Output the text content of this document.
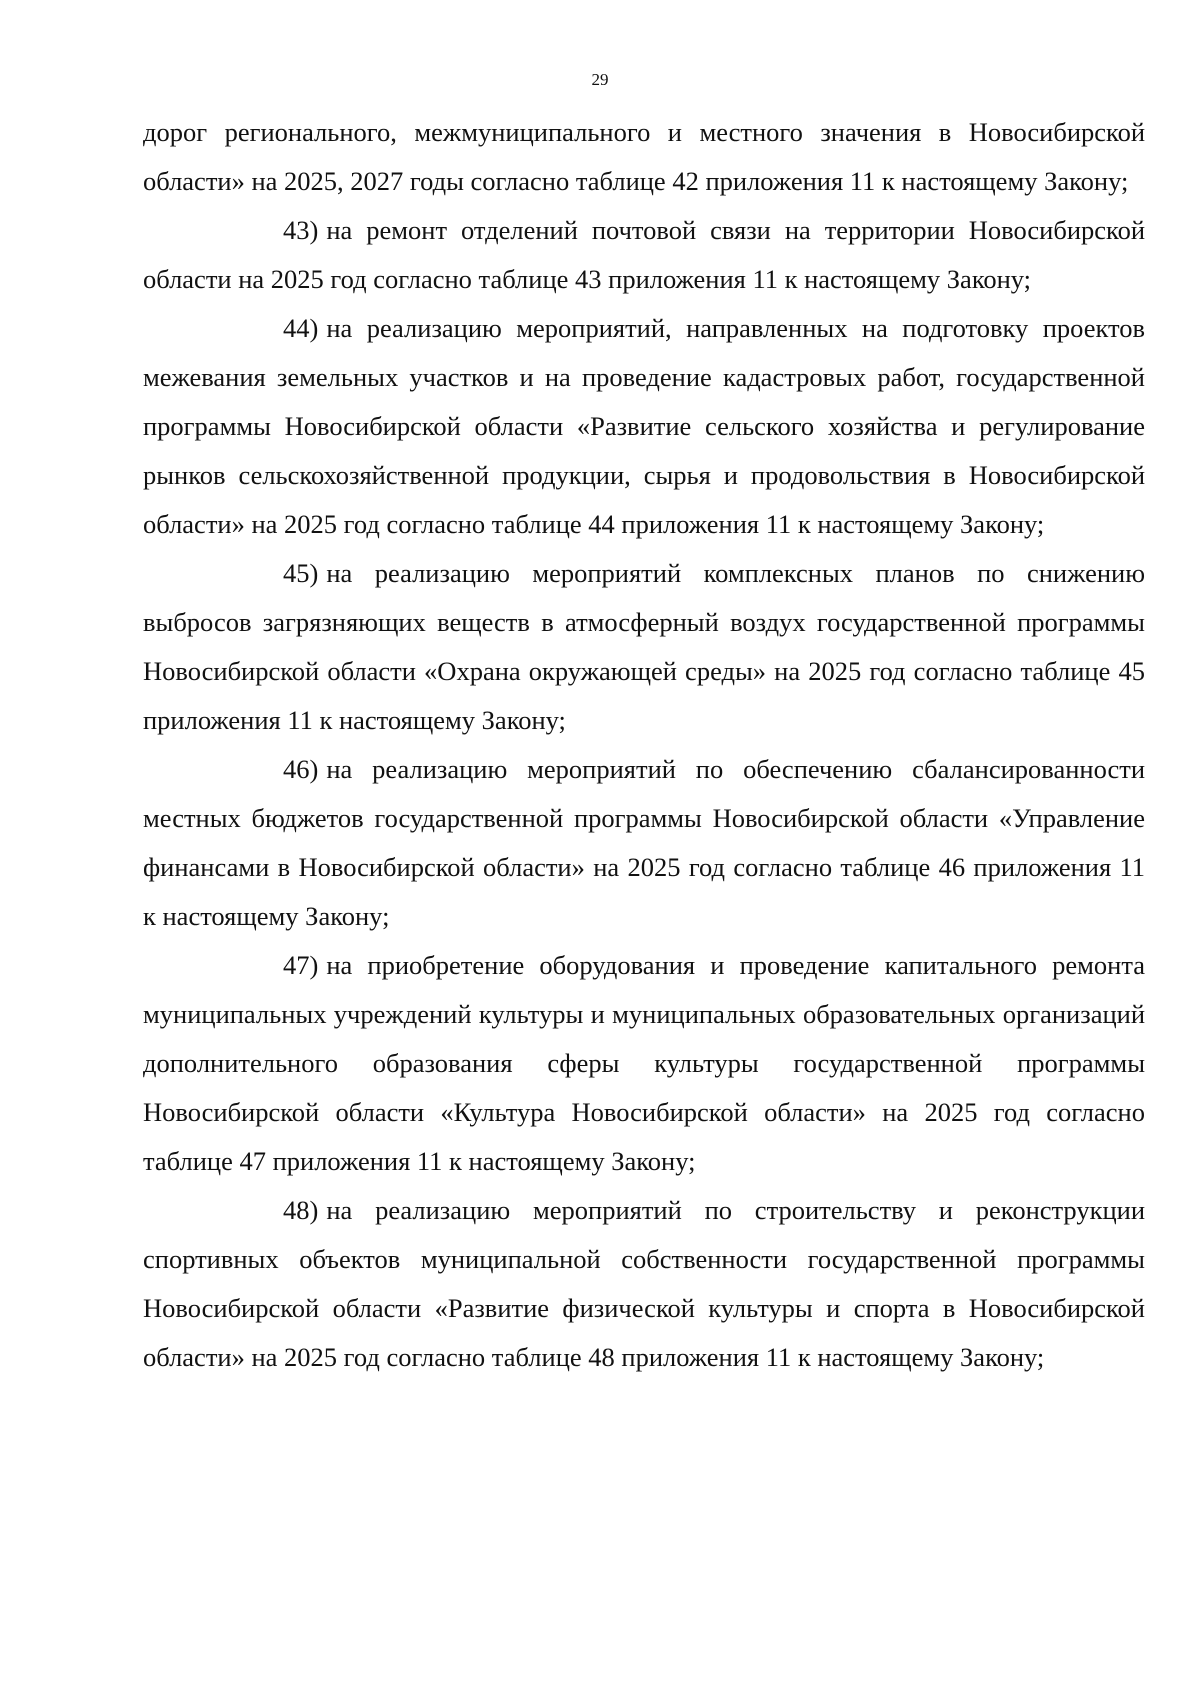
29

дорог регионального, межмуниципального и местного значения в Новосибирской области» на 2025, 2027 годы согласно таблице 42 приложения 11 к настоящему Закону;

43) на ремонт отделений почтовой связи на территории Новосибирской области на 2025 год согласно таблице 43 приложения 11 к настоящему Закону;

44) на реализацию мероприятий, направленных на подготовку проектов межевания земельных участков и на проведение кадастровых работ, государственной программы Новосибирской области «Развитие сельского хозяйства и регулирование рынков сельскохозяйственной продукции, сырья и продовольствия в Новосибирской области» на 2025 год согласно таблице 44 приложения 11 к настоящему Закону;

45) на реализацию мероприятий комплексных планов по снижению выбросов загрязняющих веществ в атмосферный воздух государственной программы Новосибирской области «Охрана окружающей среды» на 2025 год согласно таблице 45 приложения 11 к настоящему Закону;

46) на реализацию мероприятий по обеспечению сбалансированности местных бюджетов государственной программы Новосибирской области «Управление финансами в Новосибирской области» на 2025 год согласно таблице 46 приложения 11 к настоящему Закону;

47) на приобретение оборудования и проведение капитального ремонта муниципальных учреждений культуры и муниципальных образовательных организаций дополнительного образования сферы культуры государственной программы Новосибирской области «Культура Новосибирской области» на 2025 год согласно таблице 47 приложения 11 к настоящему Закону;

48) на реализацию мероприятий по строительству и реконструкции спортивных объектов муниципальной собственности государственной программы Новосибирской области «Развитие физической культуры и спорта в Новосибирской области» на 2025 год согласно таблице 48 приложения 11 к настоящему Закону;
